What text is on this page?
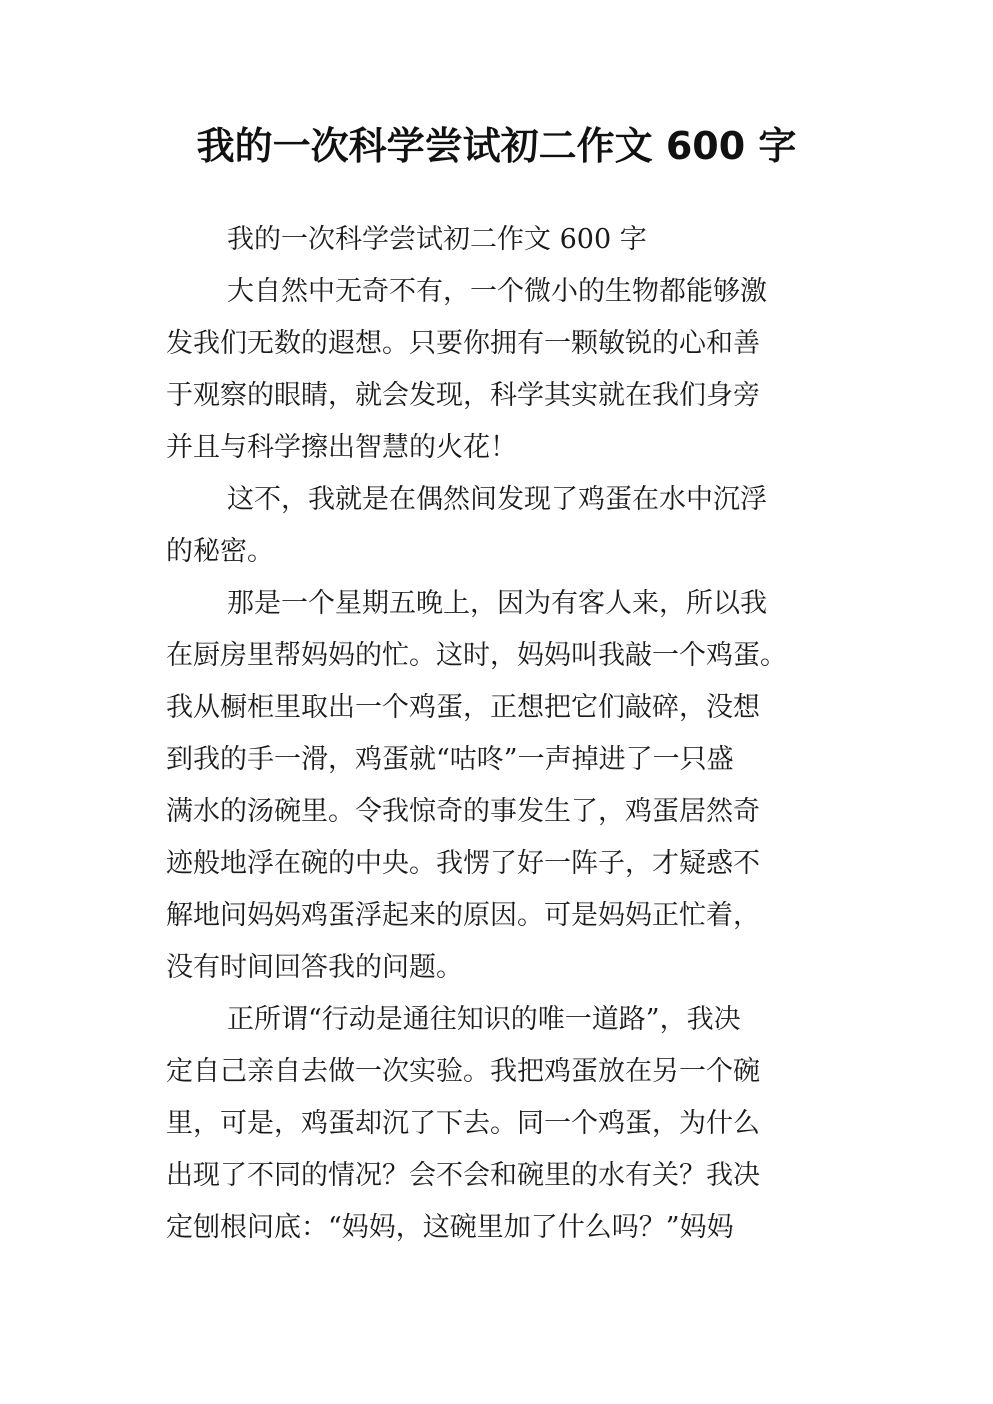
我的一次科学尝试初二作文 600 字
我的一次科学尝试初二作文 600 字
大自然中无奇不有，一个微小的生物都能够激
发我们无数的遐想。只要你拥有一颗敏锐的心和善
于观察的眼睛，就会发现，科学其实就在我们身旁
并且与科学擦出智慧的火花！
这不，我就是在偶然间发现了鸡蛋在水中沉浮
的秘密。
那是一个星期五晚上，因为有客人来，所以我
在厨房里帮妈妈的忙。这时，妈妈叫我敲一个鸡蛋。
我从橱柜里取出一个鸡蛋，正想把它们敲碎，没想
到我的手一滑，鸡蛋就“咕咚”一声掉进了一只盛
满水的汤碗里。令我惊奇的事发生了，鸡蛋居然奇
迹般地浮在碗的中央。我愣了好一阵子，才疑惑不
解地问妈妈鸡蛋浮起来的原因。可是妈妈正忙着，
没有时间回答我的问题。
正所谓“行动是通往知识的唯一道路”，我决
定自己亲自去做一次实验。我把鸡蛋放在另一个碗
里，可是，鸡蛋却沉了下去。同一个鸡蛋，为什么
出现了不同的情况？会不会和碗里的水有关？我决
定刨根问底：“妈妈，这碗里加了什么吗？”妈妈
